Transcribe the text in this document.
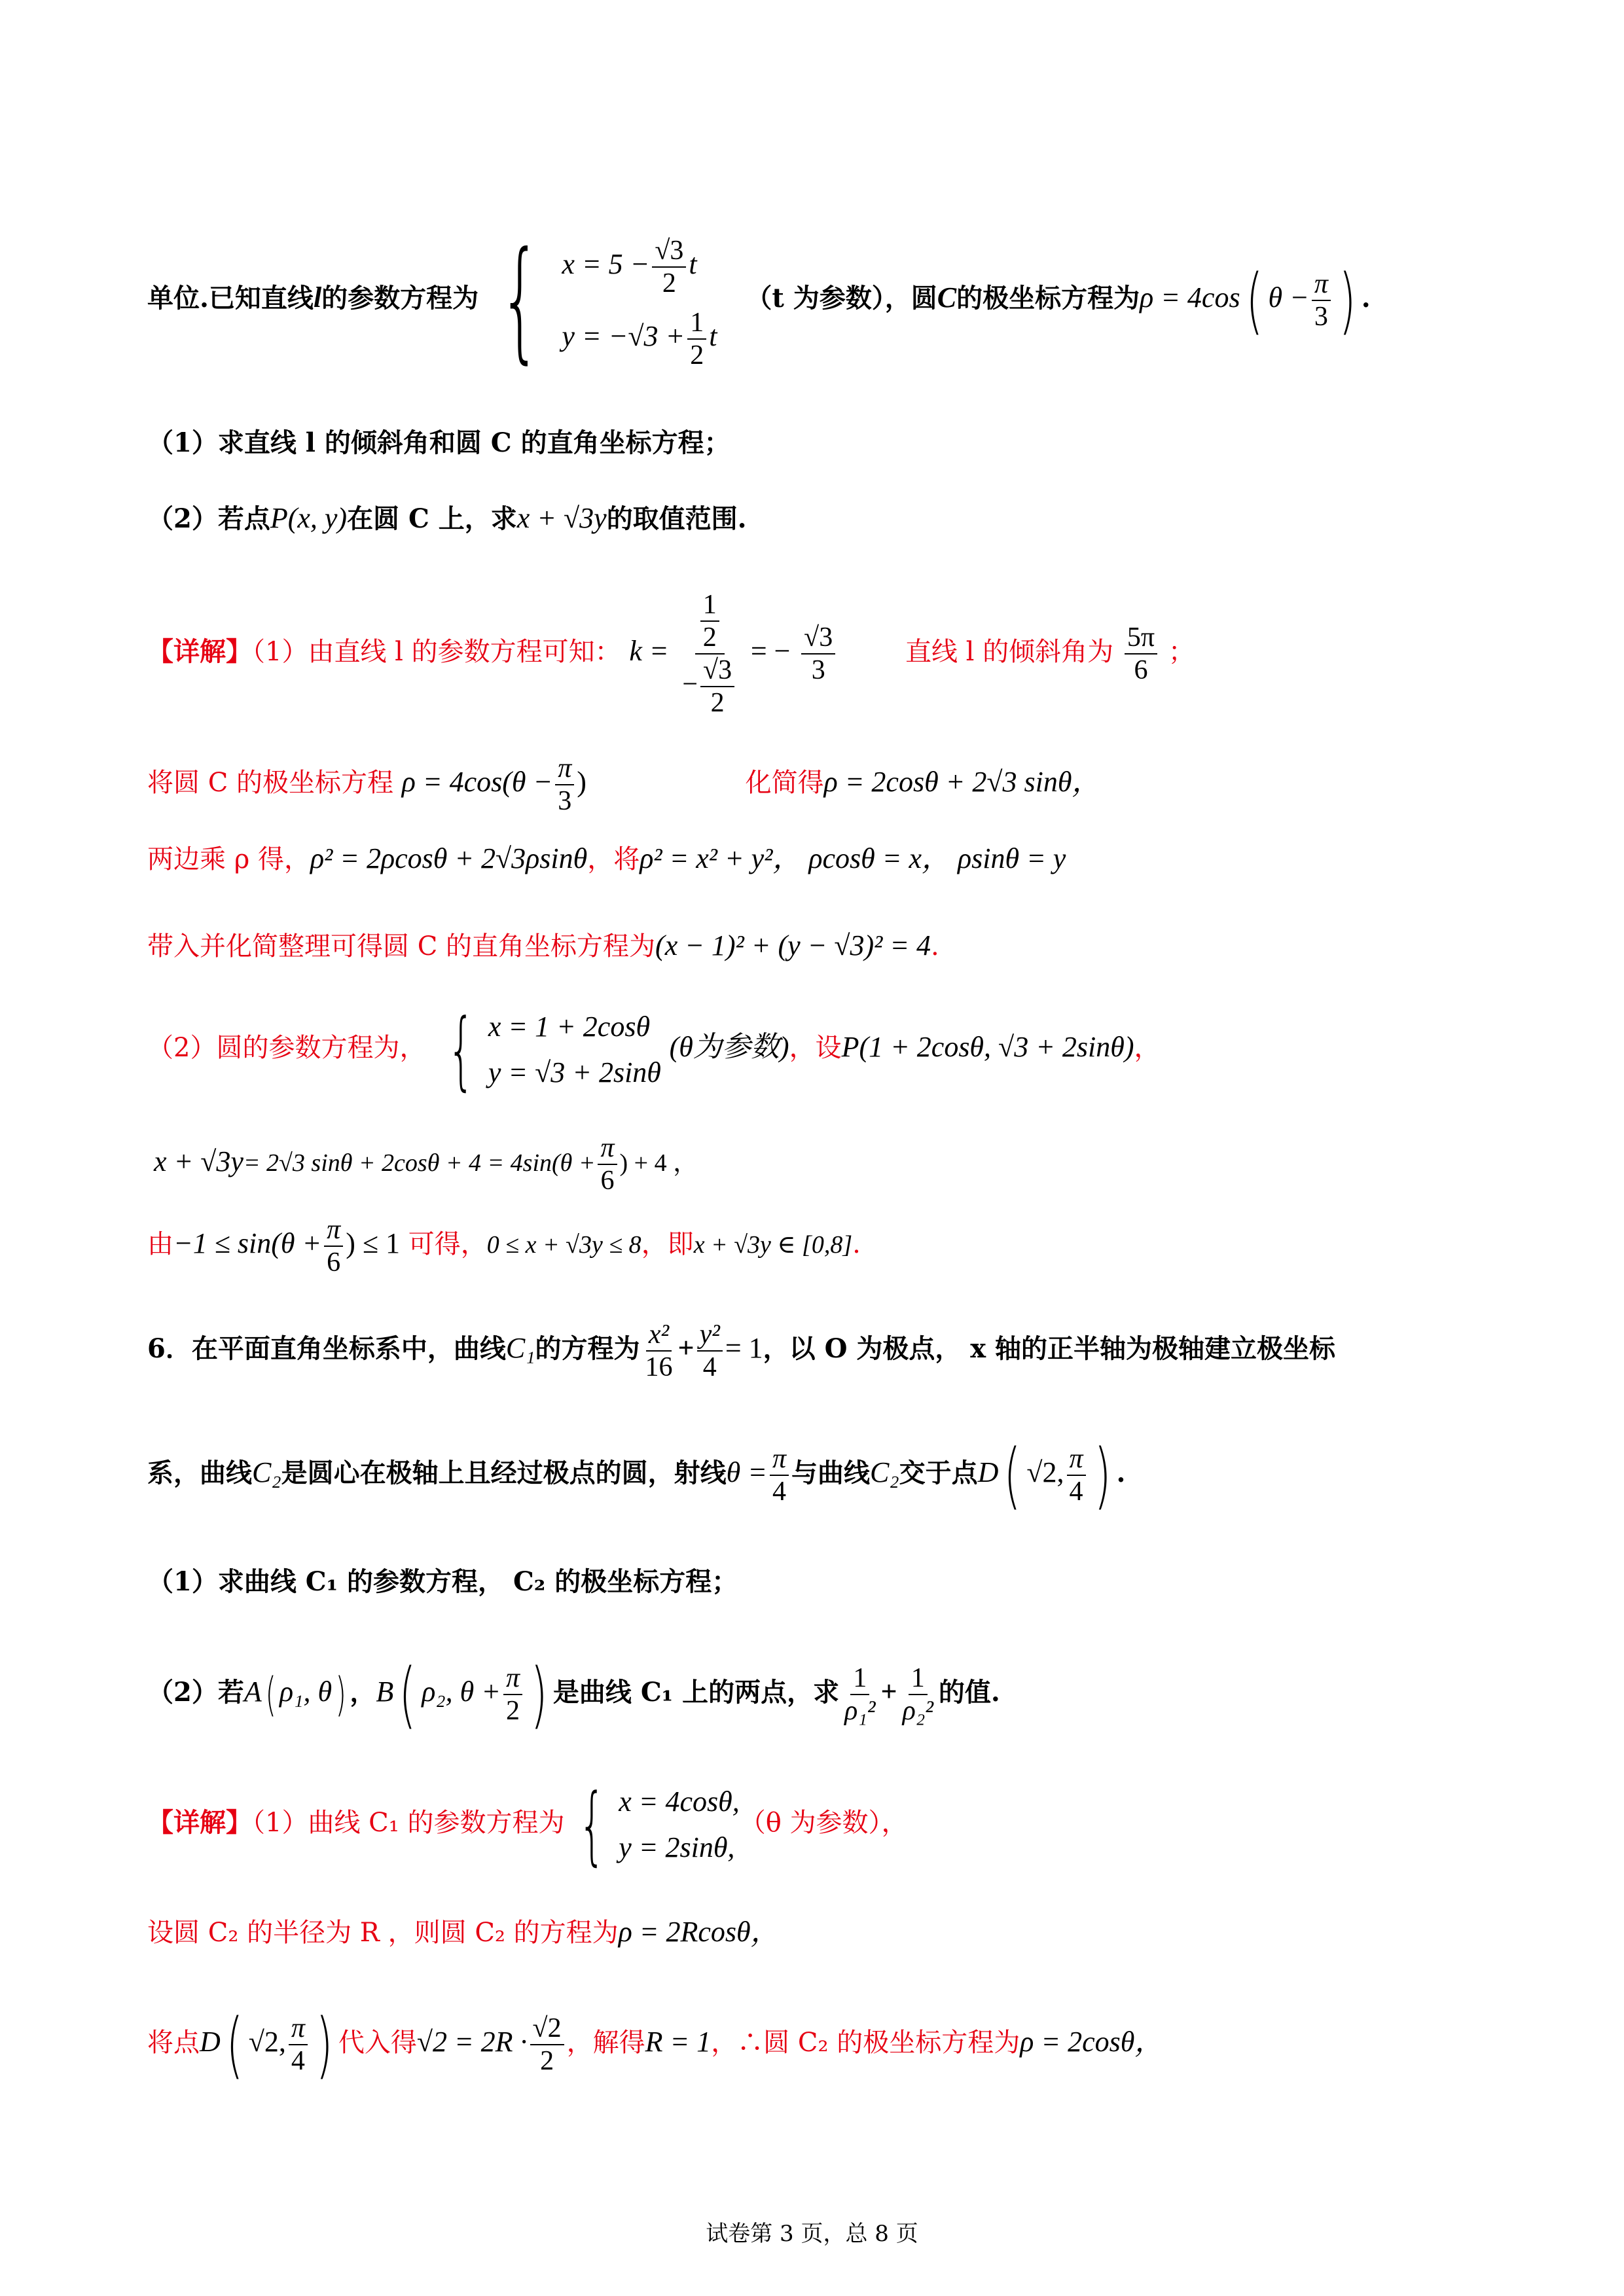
单位.已知直线l的参数方程为 { $x = 5 - \frac{√3}{2}$ t
$y = -√3 + \frac{1}{2}$ t
（t 为参数），圆C的极坐标方程为ρ = 4cos( $\theta - \frac{\pi}{3}$ ) .
（1）求直线 l 的倾斜角和圆 C 的直角坐标方程；
（2）若点P(x, y)在圆 C 上，求x + √3y的取值范围.
【详解】（1）由直线 l 的参数方程可知： $k = \frac{\frac{1}{2}}{- \frac{√3}{2}}$ = − $\frac{√3}{3}$	直线 l 的倾斜角为 $\frac{5\pi}{6}$ ；
将圆 C 的极坐标方程 $\rho = 4\cos(\theta - \frac{\pi}{3}$ )	化简得ρ = 2cosθ + 2√3 sinθ，
两边乘 ρ 得，ρ² = 2ρcosθ + 2√3ρsinθ，将ρ² = x² + y²， ρcosθ = x， ρsinθ = y
带入并化简整理可得圆 C 的直角坐标方程为(x − 1)² + (y − √3)² = 4.
（2）圆的参数方程为， { x = 1 + 2cosθ
y = √3 + 2sinθ
(θ为参数)，设P(1 + 2cosθ, √3 + 2sinθ)，
x + √3y= 2√3 $\sin\theta + 2\cos\theta + 4 = 4\sin(\theta + \frac{\pi}{6}$ ) + 4 ，
由$-1 \le \sin(\theta + \frac{\pi}{6}$ ) ≤ 1 可得，0 ≤ x + √3y ≤ 8，即x + √3y ∈ [0,8].
6．在平面直角坐标系中，曲线C₁的方程为 $\frac{\text{x²}}{16} + \frac{\text{y²}}{4} = 1$，以 O 为极点， x 轴的正半轴为极轴建立极坐标
系，曲线C₂是圆心在极轴上且经过极点的圆，射线$\theta = \frac{\pi}{4}$ 与曲线C₂交于点D( √2, $\frac{\pi}{4}$ ) .
（1）求曲线 C₁ 的参数方程， C₂ 的极坐标方程；
（2）若A( ρ₁, θ) ，B( ρ₂, $\theta + \frac{\pi}{2}$ ) 是曲线 C₁ 上的两点，求 $\frac{1}{\text{ρ₁²}} + \frac{1}{\text{ρ₂²}}$ 的值.
【详解】（1）曲线 C₁ 的参数方程为 { x = 4cosθ,
y = 2sinθ,
（θ 为参数），
设圆 C₂ 的半径为 R ，则圆 C₂ 的方程为ρ = 2Rcosθ，
将点D( √2, $\frac{\pi}{4}$ ) 代入得$√2 = 2R \cdot \frac{√2}{2}$ ，解得R = 1，∴圆 C₂ 的极坐标方程为ρ = 2cosθ，
试卷第 3 页，总 8 页
